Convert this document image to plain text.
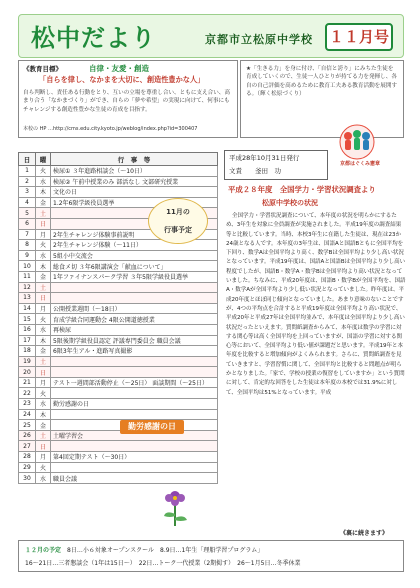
松中だより	京都市立松原中学校 １１月号
《教育目標》	自律・友愛・創造
「自らを律し、なかまを大切に、創造性豊かな人」
自ら判断し、責任ある行動をとり、互いの立場を尊重し合い、ともに支え合い、高まり合う「なかまづくり」ができ、自らの「夢や希望」の実現に向けて、何事にもチャレンジする創造性豊かな生徒の育成を目指す。
本校の HP …http://cms.edu.city.kyoto.jp/weblog/index.php?id=300407
★「生きる力」を身に付け、「自信と誇り」にみちた生徒を育成していくので、生徒一人ひとりが持てる力を発揮し、各自の自己評価を高めるために教育工夫ある教育活動を展開する。（輝く松原づくり）
日	曜	行　事　等
1	火	検尿① ３年進路相談会（～10日）
2	水	検尿② 午前中授業のみ 部活なし 文部研究授業
3	木	文化の日
4	金	1.2年6限学級役員選挙
5	土	
6	日	
7	月	2年生チャレンジ体験事前説明
8	火	2年生チャレンジ体験（～11日）
9	水	5組小中交流会
10	木	総食メ切 ３年6限講演会「献血について」
11	金	1年ファイナンスパーク学習 ３年5限学級役員選挙
12	土	
13	日	
14	月	公開授業週間（～18日）
15	火	育成学級合同運動会 4限公開道徳授業
16	水	再検尿
17	木	5限後期学級役員認定 評議専門委員会 職員会議
18	金	6限3年生アル・進路写真撮影
19	土	
20	日	
21	月	テスト一週間部活動停止（～25日） 面談期間（～25日）
22	火	
23	水	勤労感謝の日
24	木	
25	金	
26	土	土曜学習会
27	日	
28	月	第4回定期テスト（～30日）
29	火	
30	水	職員会議
11月の
行事予定
勤労感謝の日
京都はぐくみ憲章
平成28年10月31日発行
文責　　釜田　功
平成２８年度　全国学力・学習状況調査より
松原中学校の状況
全国学力・学習状況調査について、本年度の状況を明らかにするため、3年生を対象に全員調査が実施されました。平成19年度の調査結果等と比較しています。当時、本校3年生に在籍した生徒は、現在は23か24歳となる人です。本年度の3年生は、国語Aと国語Bともに全国平均を下回り、数学Aは全国平均より高く、数学Bは全国平均より少し高い状況となっています。平成19年度は、国語Aと国語Bは全国平均より少し高い程度でしたが、国語B・数学A・数学Bは全国平均より高い状況となっていました。ちなみに、平成20年度は、国語B・数学Bが全国平均を、国語A・数学Aが全国平均より少し低い状況となっていました。昨年度は、平成20年度とほぼ同じ傾向となっていました。あまり意味のないことですが、4つの平均点を合計すると平成19年度は全国平均より高い状況で、平成20年と平成27年は全国平均並みで、本年度は全国平均より少し高い状況だったといえます。質問紙調査からみて、本年度は数学の学習に対する関心等は高く全国平均を上回っていますが、国語の学習に対する関心等において、全国平均より低い値が課題だと思います。平成19年と本年度を比較すると増加傾向がよくみられます。さらに、質問紙調査を見ていきますと、学習習慣に関して、全国平均と比較すると問題点が明らかとなりました。「家で、学校の授業の復習をしていますか」という質問に対して、肯定的な回答をした生徒は本年度の本校では31.9%に対して、全国平均は51%となっています。平成
《裏に続きます》
１２月の予定　 8日…小６対象オープンスクール　8.9日…1年生「理船学習プログラム」
16～21日…三者懇談会（1年は15日～）　22日…トーク一代授業（2期掲す）　26～1月5日…冬季休業
